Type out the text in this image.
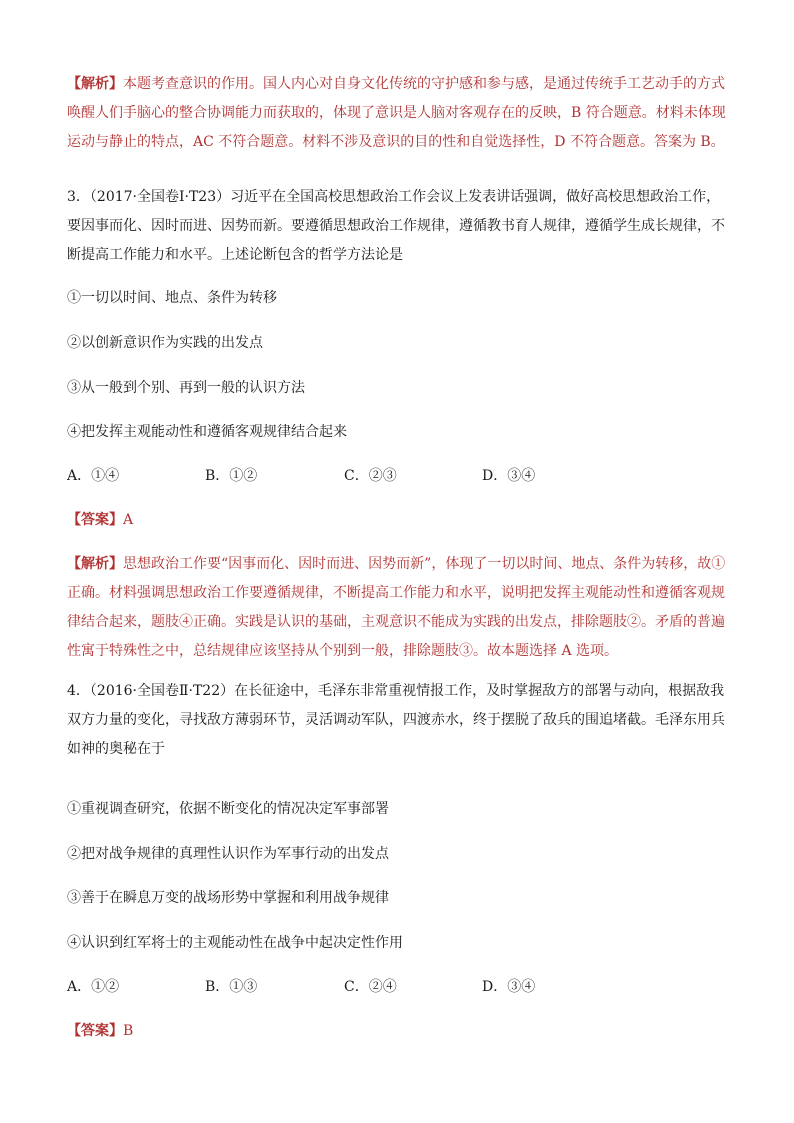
【解析】本题考查意识的作用。国人内心对自身文化传统的守护感和参与感，是通过传统手工艺动手的方式唤醒人们手脑心的整合协调能力而获取的，体现了意识是人脑对客观存在的反映，B 符合题意。材料未体现运动与静止的特点，AC 不符合题意。材料不涉及意识的目的性和自觉选择性，D 不符合题意。答案为 B。

3．（2017·全国卷Ⅰ·T23）习近平在全国高校思想政治工作会议上发表讲话强调，做好高校思想政治工作，要因事而化、因时而进、因势而新。要遵循思想政治工作规律，遵循教书育人规律，遵循学生成长规律，不断提高工作能力和水平。上述论断包含的哲学方法论是

①一切以时间、地点、条件为转移

②以创新意识作为实践的出发点

③从一般到个别、再到一般的认识方法

④把发挥主观能动性和遵循客观规律结合起来

A．①④	B．①②	C．②③	D．③④

【答案】A

【解析】思想政治工作要“因事而化、因时而进、因势而新”，体现了一切以时间、地点、条件为转移，故①正确。材料强调思想政治工作要遵循规律，不断提高工作能力和水平，说明把发挥主观能动性和遵循客观规律结合起来，题肢④正确。实践是认识的基础，主观意识不能成为实践的出发点，排除题肢②。矛盾的普遍性寓于特殊性之中，总结规律应该坚持从个别到一般，排除题肢③。故本题选择 A 选项。

4．（2016·全国卷Ⅱ·T22）在长征途中，毛泽东非常重视情报工作，及时掌握敌方的部署与动向，根据敌我双方力量的变化，寻找敌方薄弱环节，灵活调动军队，四渡赤水，终于摆脱了敌兵的围追堵截。毛泽东用兵如神的奥秘在于

①重视调查研究，依据不断变化的情况决定军事部署

②把对战争规律的真理性认识作为军事行动的出发点

③善于在瞬息万变的战场形势中掌握和利用战争规律

④认识到红军将士的主观能动性在战争中起决定性作用

A．①②	B．①③	C．②④	D．③④

【答案】B
